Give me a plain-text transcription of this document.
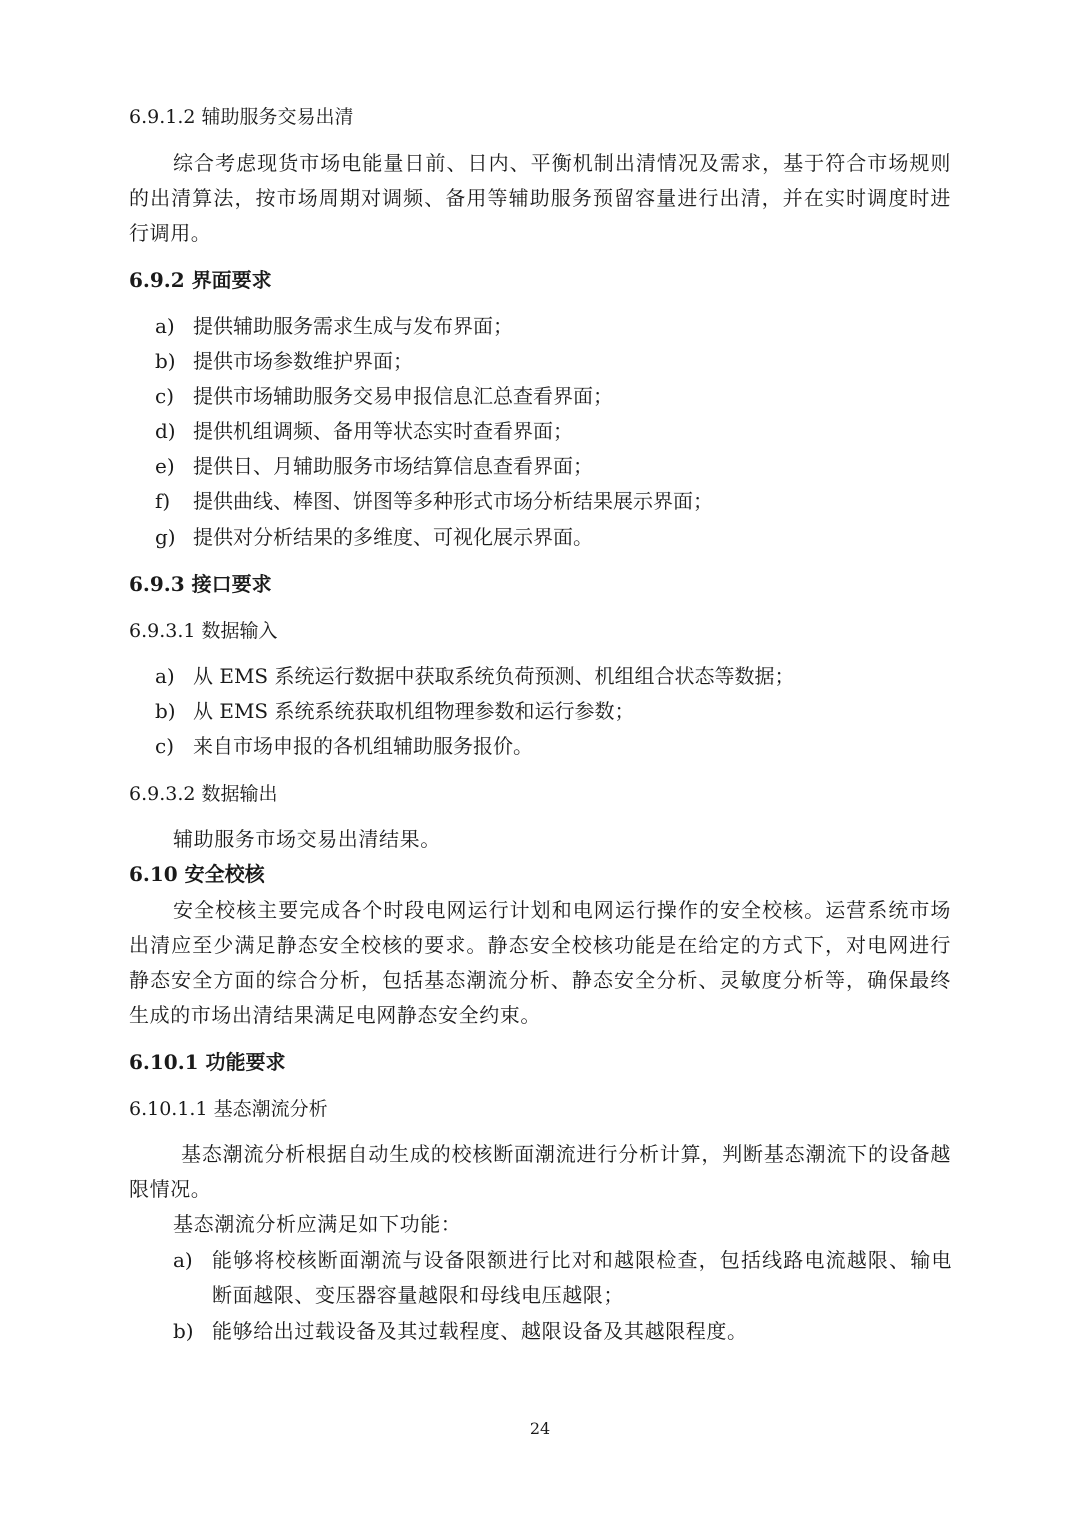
6.9.1.2 辅助服务交易出清
综合考虑现货市场电能量日前、日内、平衡机制出清情况及需求，基于符合市场规则的出清算法，按市场周期对调频、备用等辅助服务预留容量进行出清，并在实时调度时进行调用。
6.9.2 界面要求
a) 提供辅助服务需求生成与发布界面；
b) 提供市场参数维护界面；
c) 提供市场辅助服务交易申报信息汇总查看界面；
d) 提供机组调频、备用等状态实时查看界面；
e) 提供日、月辅助服务市场结算信息查看界面；
f) 提供曲线、棒图、饼图等多种形式市场分析结果展示界面；
g) 提供对分析结果的多维度、可视化展示界面。
6.9.3 接口要求
6.9.3.1 数据输入
a) 从 EMS 系统运行数据中获取系统负荷预测、机组组合状态等数据；
b) 从 EMS 系统系统获取机组物理参数和运行参数；
c) 来自市场申报的各机组辅助服务报价。
6.9.3.2 数据输出
辅助服务市场交易出清结果。
6.10 安全校核
安全校核主要完成各个时段电网运行计划和电网运行操作的安全校核。运营系统市场出清应至少满足静态安全校核的要求。静态安全校核功能是在给定的方式下，对电网进行静态安全方面的综合分析，包括基态潮流分析、静态安全分析、灵敏度分析等，确保最终生成的市场出清结果满足电网静态安全约束。
6.10.1 功能要求
6.10.1.1 基态潮流分析
基态潮流分析根据自动生成的校核断面潮流进行分析计算，判断基态潮流下的设备越限情况。
基态潮流分析应满足如下功能：
a) 能够将校核断面潮流与设备限额进行比对和越限检查，包括线路电流越限、输电断面越限、变压器容量越限和母线电压越限；
b) 能够给出过载设备及其过载程度、越限设备及其越限程度。
24
